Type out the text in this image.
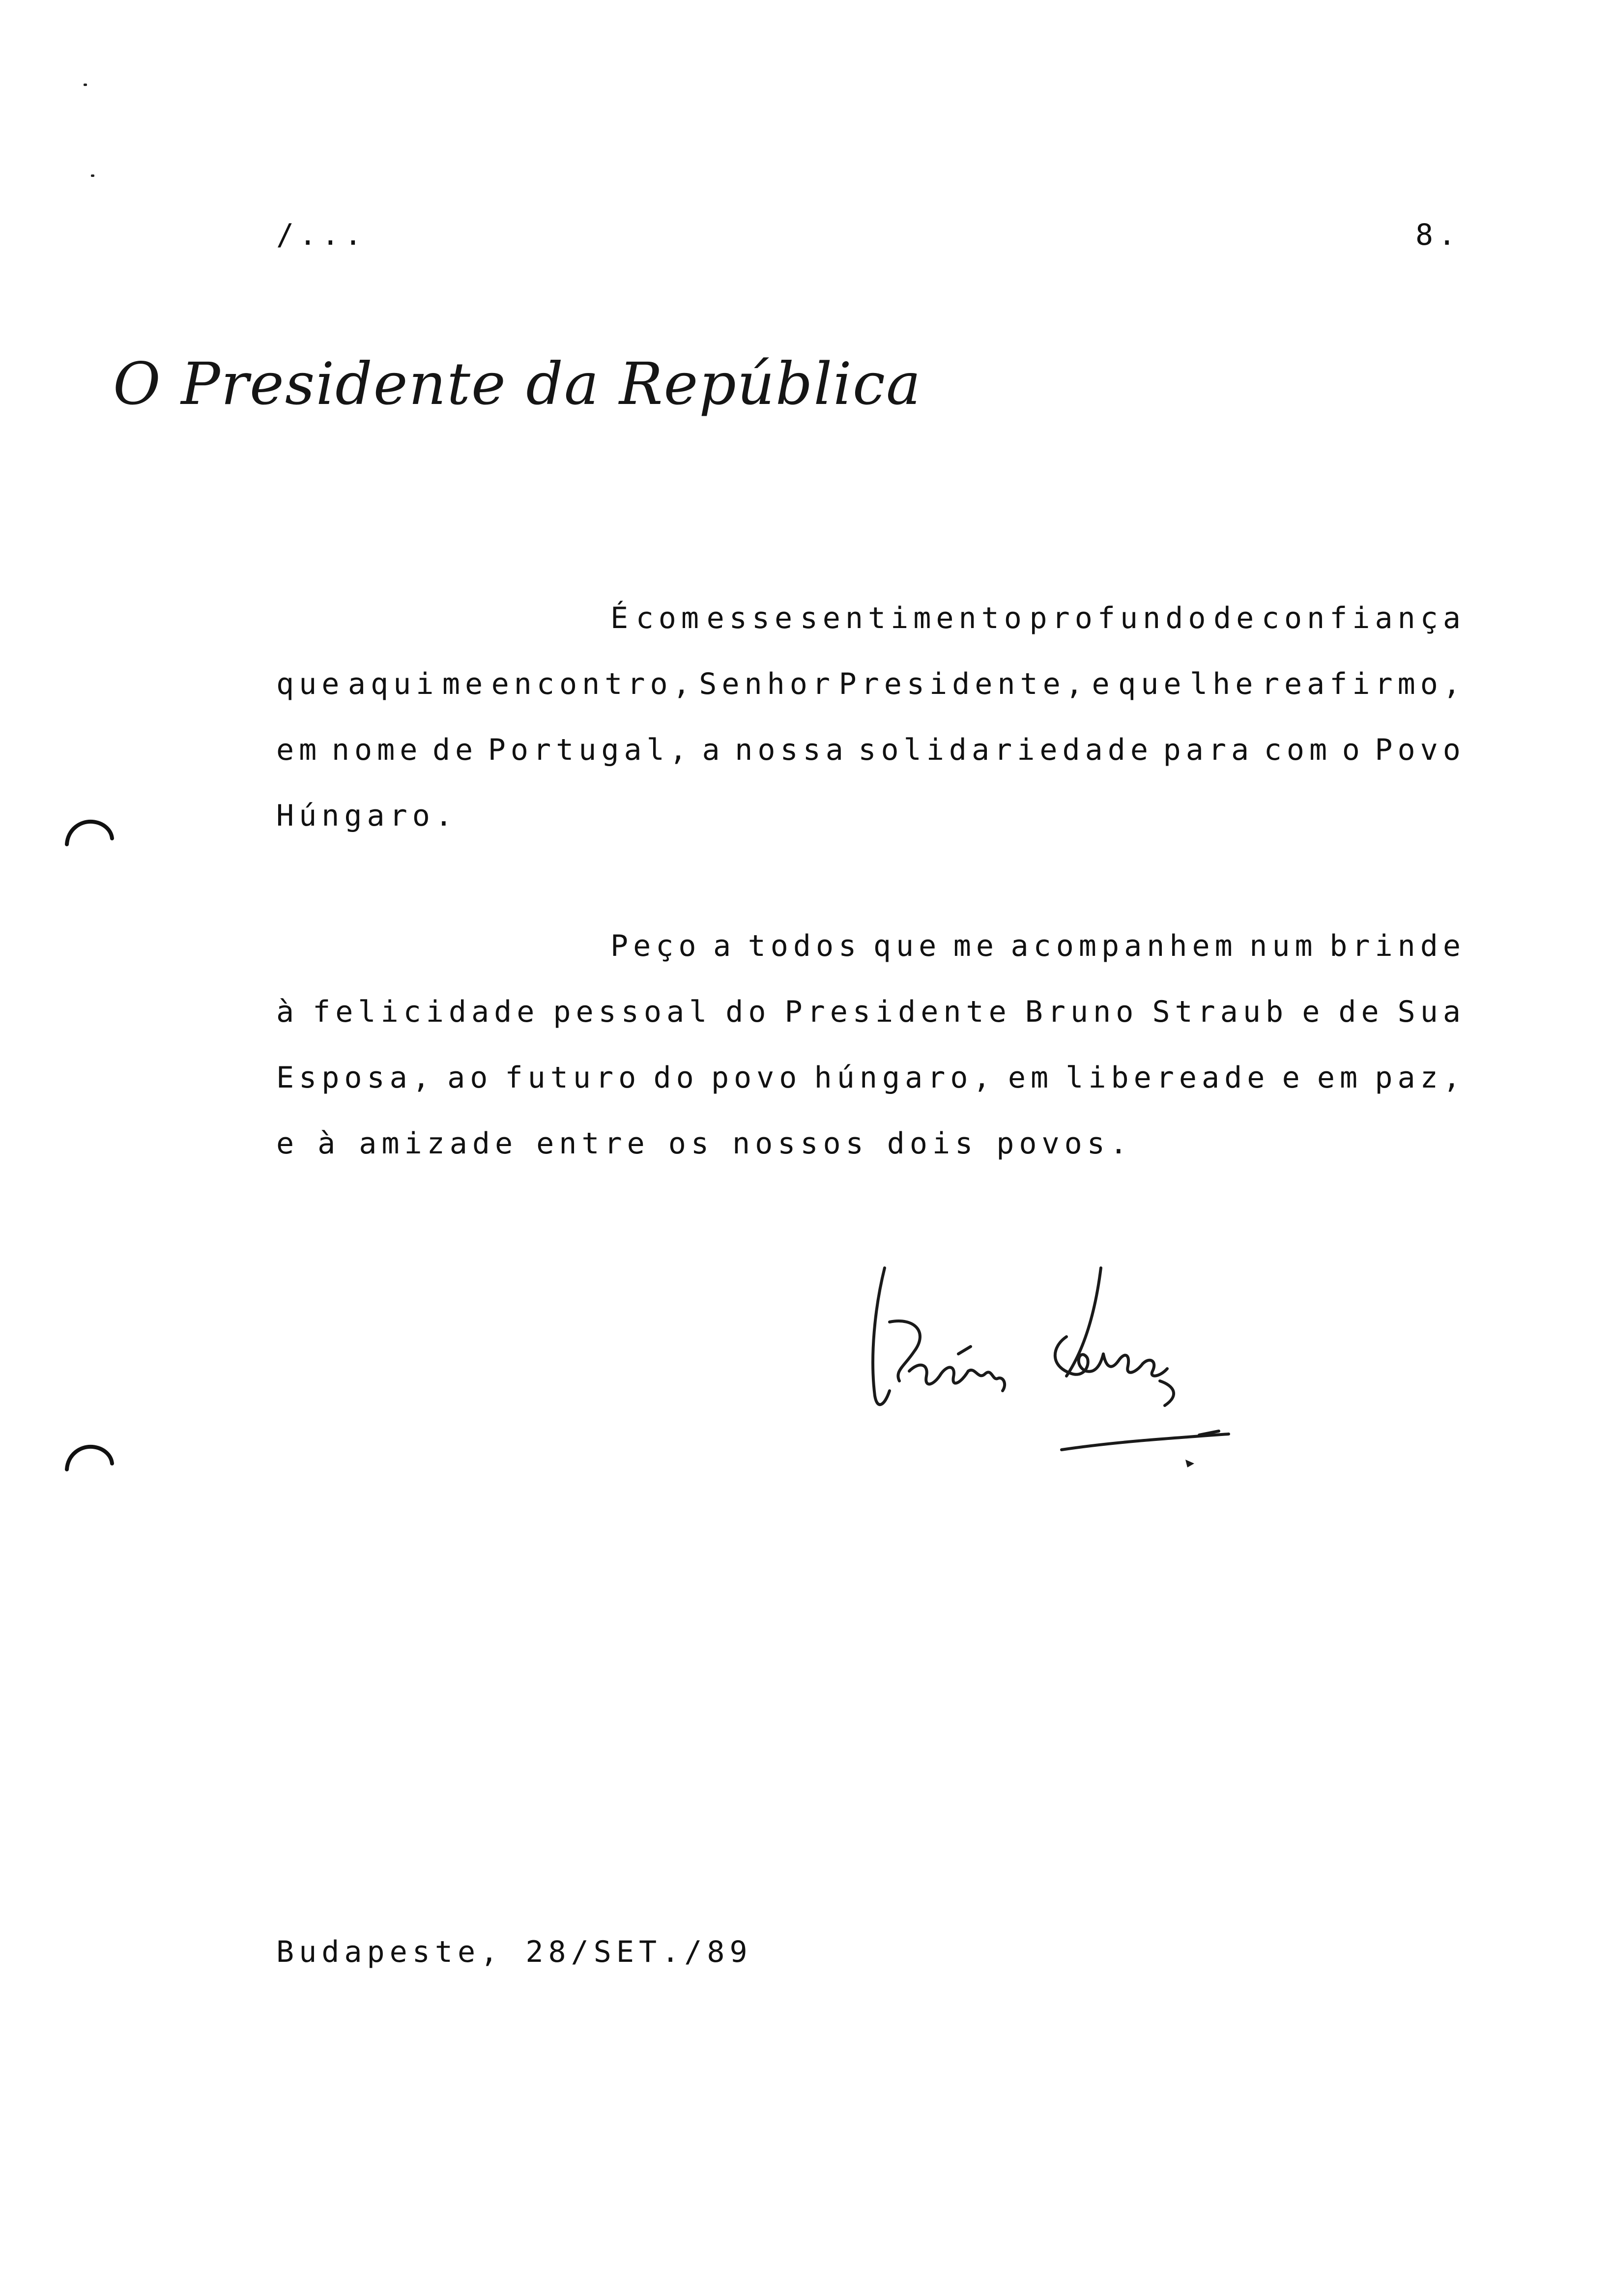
/...	8.
O Presidente da República
É com esse sentimento profundo de confiança
que aqui me encontro, Senhor Presidente, e que lhe reafirmo,
em nome de Portugal, a nossa solidariedade para com o Povo
Húngaro.
Peço a todos que me acompanhem num brinde
à felicidade pessoal do Presidente Bruno Straub e de Sua
Esposa, ao futuro do povo húngaro, em libereade e em paz,
e à amizade entre os nossos dois povos.
Budapeste, 28/SET./89
